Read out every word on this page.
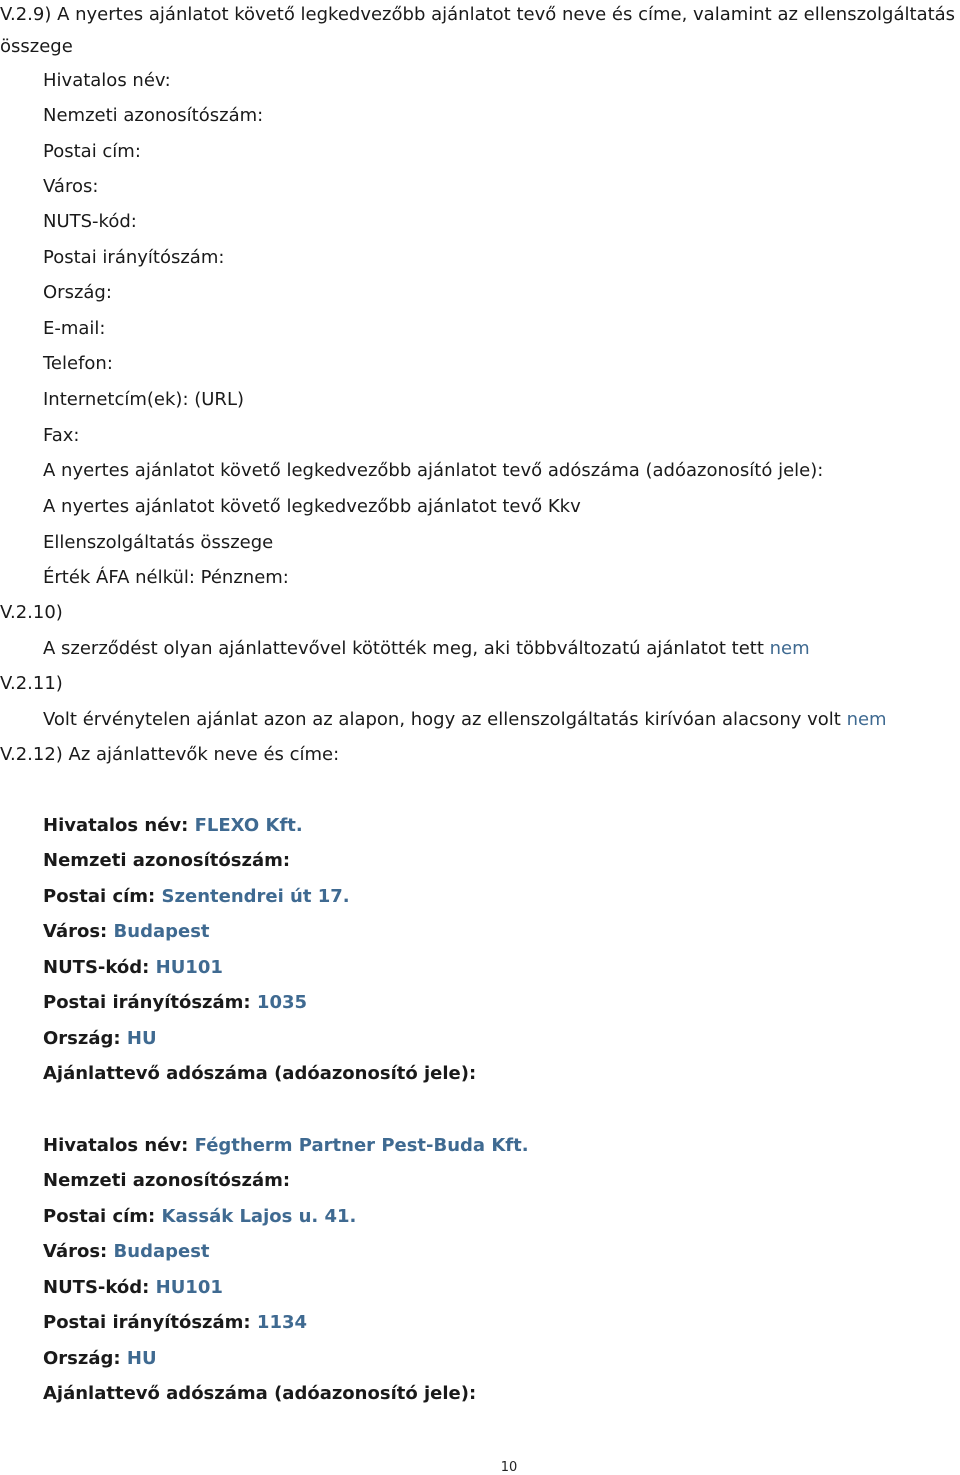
V.2.9) A nyertes ajánlatot követő legkedvezőbb ajánlatot tevő neve és címe, valamint az ellenszolgáltatás
összege
Hivatalos név:
Nemzeti azonosítószám:
Postai cím:
Város:
NUTS-kód:
Postai irányítószám:
Ország:
E-mail:
Telefon:
Internetcím(ek): (URL)
Fax:
A nyertes ajánlatot követő legkedvezőbb ajánlatot tevő adószáma (adóazonosító jele):
A nyertes ajánlatot követő legkedvezőbb ajánlatot tevő Kkv
Ellenszolgáltatás összege
Érték ÁFA nélkül: Pénznem:
V.2.10)
A szerződést olyan ajánlattevővel kötötték meg, aki többváltozatú ajánlatot tett nem
V.2.11)
Volt érvénytelen ajánlat azon az alapon, hogy az ellenszolgáltatás kirívóan alacsony volt nem
V.2.12) Az ajánlattevők neve és címe:
Hivatalos név: FLEXO Kft.
Nemzeti azonosítószám:
Postai cím: Szentendrei út 17.
Város: Budapest
NUTS-kód: HU101
Postai irányítószám: 1035
Ország: HU
Ajánlattevő adószáma (adóazonosító jele):
Hivatalos név: Fégtherm Partner Pest-Buda Kft.
Nemzeti azonosítószám:
Postai cím: Kassák Lajos u. 41.
Város: Budapest
NUTS-kód: HU101
Postai irányítószám: 1134
Ország: HU
Ajánlattevő adószáma (adóazonosító jele):
10
